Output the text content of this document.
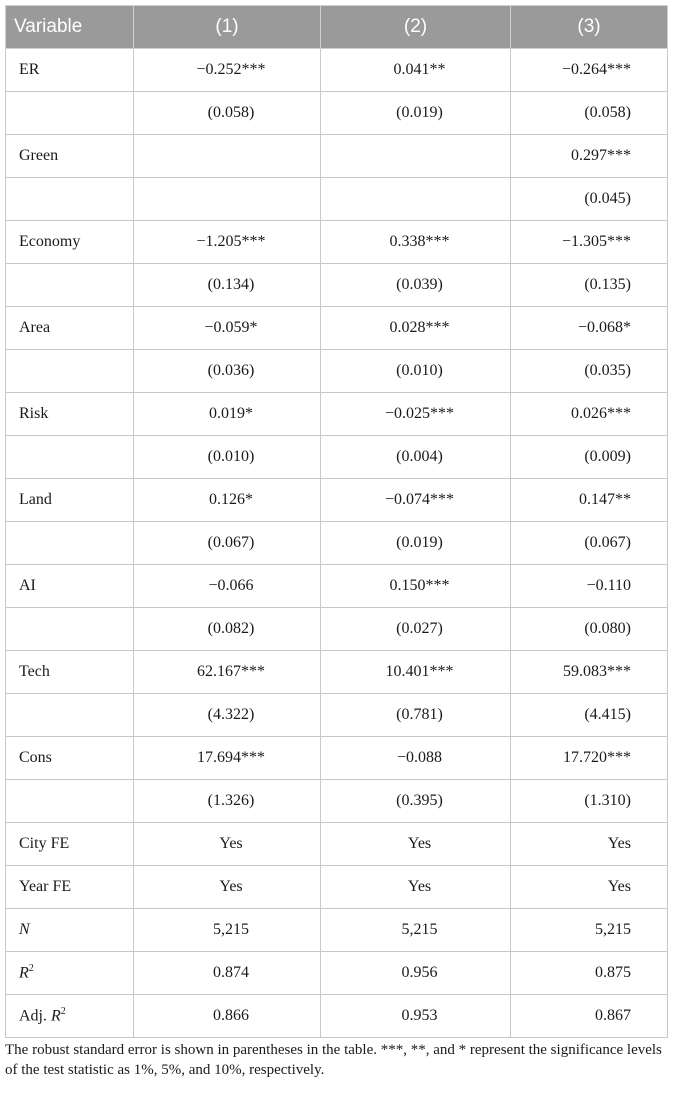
Variable	(1)	(2)	(3)
ER	−0.252***	0.041**	−0.264***
	(0.058)	(0.019)	(0.058)
Green			0.297***
			(0.045)
Economy	−1.205***	0.338***	−1.305***
	(0.134)	(0.039)	(0.135)
Area	−0.059*	0.028***	−0.068*
	(0.036)	(0.010)	(0.035)
Risk	0.019*	−0.025***	0.026***
	(0.010)	(0.004)	(0.009)
Land	0.126*	−0.074***	0.147**
	(0.067)	(0.019)	(0.067)
AI	−0.066	0.150***	−0.110
	(0.082)	(0.027)	(0.080)
Tech	62.167***	10.401***	59.083***
	(4.322)	(0.781)	(4.415)
Cons	17.694***	−0.088	17.720***
	(1.326)	(0.395)	(1.310)
City FE	Yes	Yes	Yes
Year FE	Yes	Yes	Yes
N	5,215	5,215	5,215
$R^2$	0.874	0.956	0.875
Adj. $R^2$	0.866	0.953	0.867
The robust standard error is shown in parentheses in the table. ***, **, and * represent the significance levels of the test statistic as 1%, 5%, and 10%, respectively.
